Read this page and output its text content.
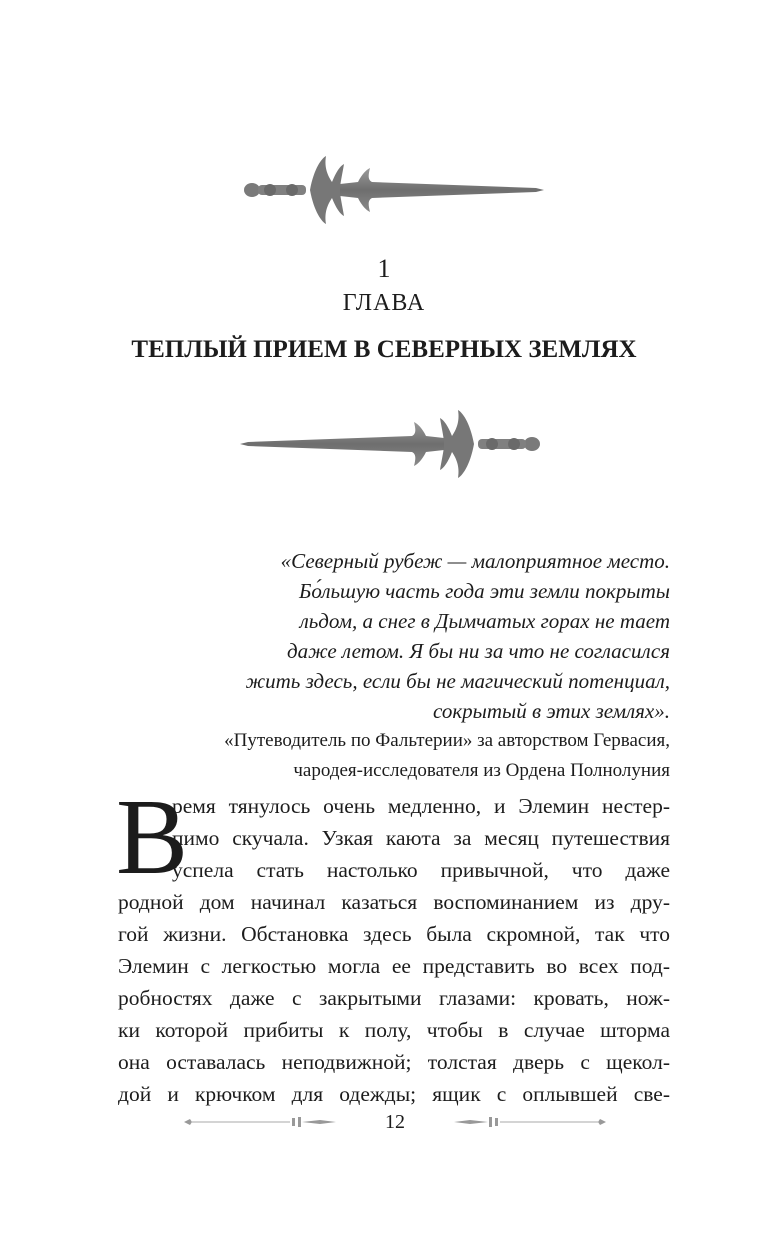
1
ГЛАВА
ТЕПЛЫЙ ПРИЕМ В СЕВЕРНЫХ ЗЕМЛЯХ
«Северный рубеж — малоприятное место.
Бо́льшую часть года эти земли покрыты
льдом, а снег в Дымчатых горах не тает
даже летом. Я бы ни за что не согласился
жить здесь, если бы не магический потенциал,
сокрытый в этих землях».
«Путеводитель по Фальтерии» за авторством Гервасия,
чародея-исследователя из Ордена Полнолуния
В
ремя тянулось очень медленно, и Элемин нестер-
пимо скучала. Узкая каюта за месяц путешествия
успела стать настолько привычной, что даже
родной дом начинал казаться воспоминанием из дру-
гой жизни. Обстановка здесь была скромной, так что
Элемин с легкостью могла ее представить во всех под-
робностях даже с закрытыми глазами: кровать, нож-
ки которой прибиты к полу, чтобы в случае шторма
она оставалась неподвижной; толстая дверь с щекол-
дой и крючком для одежды; ящик с оплывшей све-
12
